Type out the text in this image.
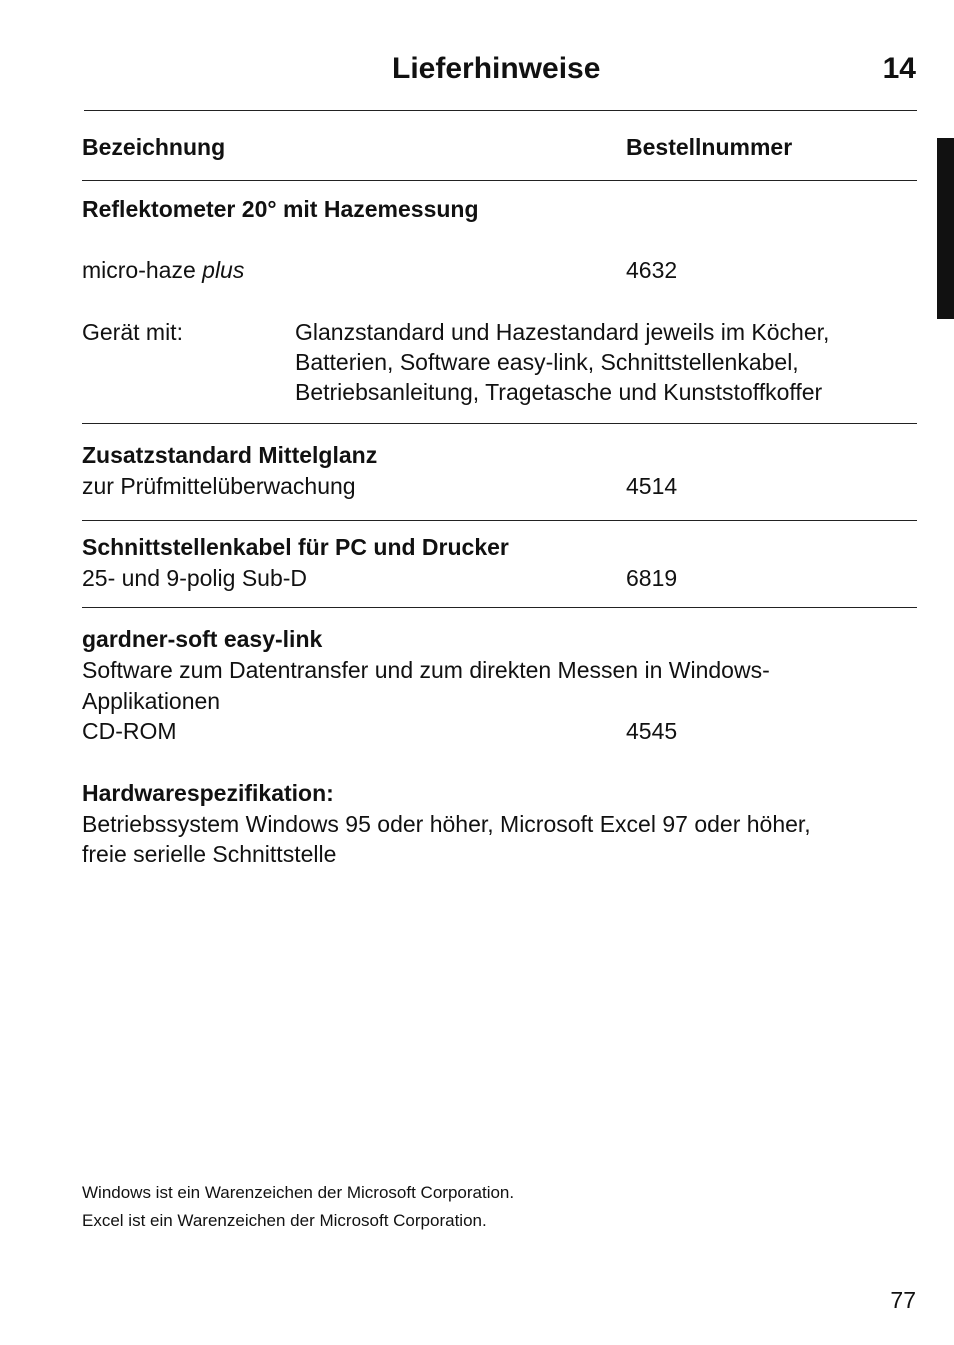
Lieferhinweise	14
Bezeichnung	Bestellnummer
Reflektometer 20° mit Hazemessung
micro-haze plus	4632
Gerät mit:	Glanzstandard und Hazestandard jeweils im Köcher,
Batterien, Software easy-link, Schnittstellenkabel,
Betriebsanleitung, Tragetasche und Kunststoffkoffer
Zusatzstandard Mittelglanz
zur Prüfmittelüberwachung	4514
Schnittstellenkabel für PC und Drucker
25- und 9-polig Sub-D	6819
gardner-soft easy-link
Software zum Datentransfer und zum direkten Messen in Windows-
Applikationen
CD-ROM	4545
Hardwarespezifikation:
Betriebssystem Windows 95 oder höher, Microsoft Excel 97 oder höher,
freie serielle Schnittstelle
Windows ist ein Warenzeichen der Microsoft Corporation.
Excel ist ein Warenzeichen der Microsoft Corporation.
77
